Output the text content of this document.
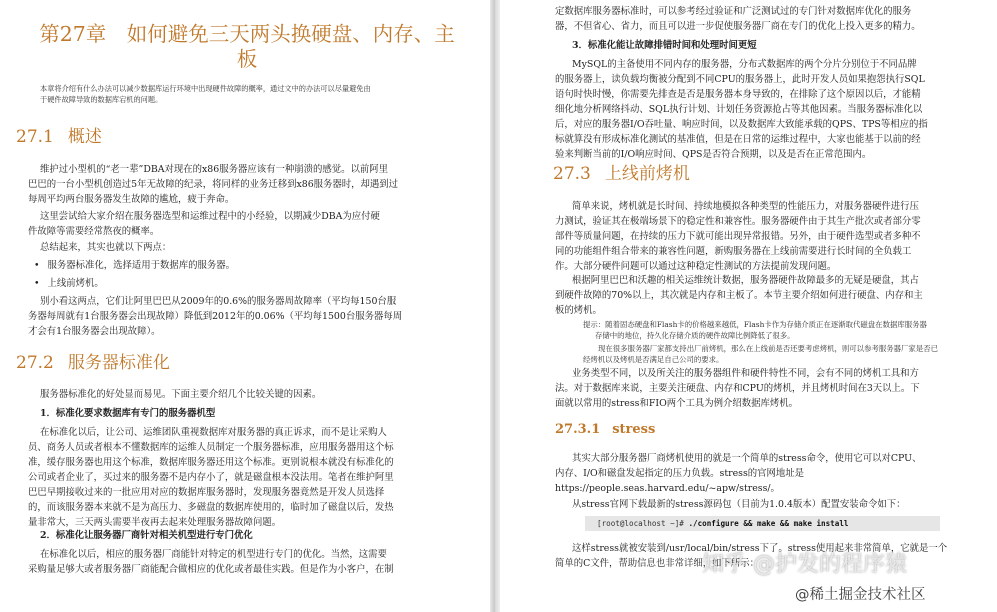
第27章　如何避免三天两头换硬盘、内存、主
板
本章将介绍有什么办法可以减少数据库运行环境中出现硬件故障的概率，通过文中的办法可以尽量避免由
于硬件故障导致的数据库宕机的问题。
27.1 概述
维护过小型机的“老一辈”DBA对现在的x86服务器应该有一种崩溃的感觉。以前阿里
巴巴的一台小型机创造过5年无故障的纪录，将同样的业务迁移到x86服务器时，却遇到过
每周平均两台服务器发生故障的尴尬，疲于奔命。
这里尝试给大家介绍在服务器选型和运维过程中的小经验，以期减少DBA为应付硬
件故障等需要经常熬夜的概率。
总结起来，其实也就以下两点：
• 服务器标准化，选择适用于数据库的服务器。
• 上线前烤机。
别小看这两点，它们让阿里巴巴从2009年的0.6%的服务器周故障率（平均每150台服
务器每周就有1台服务器会出现故障）降低到2012年的0.06%（平均每1500台服务器每周
才会有1台服务器会出现故障）。
27.2 服务器标准化
服务器标准化的好处显而易见。下面主要介绍几个比较关键的因素。
1．标准化要求数据库有专门的服务器机型
在标准化以后，让公司、运维团队重视数据库对服务器的真正诉求，而不是让采购人
员、商务人员或者根本不懂数据库的运维人员制定一个服务器标准，应用服务器用这个标
准，缓存服务器也用这个标准，数据库服务器还用这个标准。更别说根本就没有标准化的
公司或者企业了，买过来的服务器不是内存小了，就是磁盘根本没法用。笔者在维护阿里
巴巴早期接收过来的一批应用对应的数据库服务器时，发现服务器竟然是开发人员选择
的，而该服务器本来就不是为高压力、多磁盘的数据库使用的，临时加了磁盘以后，发热
量非常大，三天两头需要半夜再去起来处理服务器故障问题。
2．标准化让服务器厂商针对相关机型进行专门优化
在标准化以后，相应的服务器厂商能针对特定的机型进行专门的优化。当然，这需要
采购量足够大或者服务器厂商能配合做相应的优化或者最佳实践。但是作为小客户，在制
定数据库服务器标准时，可以参考经过验证和广泛测试过的专门针对数据库优化的服务
器，不但省心、省力，而且可以进一步促使服务器厂商在专门的优化上投入更多的精力。
3．标准化能让故障排错时间和处理时间更短
MySQL的主备使用不同内存的服务器，分布式数据库的两个分片分别位于不同品牌
的服务器上，读负载均衡被分配到不同CPU的服务器上，此时开发人员如果抱怨执行SQL
语句时快时慢，你需要先排查是否是服务器本身导致的，在排除了这个原因以后，才能精
细化地分析网络抖动、SQL执行计划、计划任务资源抢占等其他因素。当服务器标准化以
后，对应的服务器I/O吞吐量、响应时间，以及数据库大致能承载的QPS、TPS等相应的指
标就算没有形成标准化测试的基准值，但是在日常的运维过程中，大家也能基于以前的经
验来判断当前的I/O响应时间、QPS是否符合预期，以及是否在正常范围内。
27.3 上线前烤机
简单来说，烤机就是长时间、持续地模拟各种类型的性能压力，对服务器硬件进行压
力测试，验证其在极端场景下的稳定性和兼容性。服务器硬件由于其生产批次或者部分零
部件等质量问题，在持续的压力下就可能出现异常报错。另外，由于硬件选型或者多种不
同的功能组件组合带来的兼容性问题，新购服务器在上线前需要进行长时间的全负载工
作。大部分硬件问题可以通过这种稳定性测试的方法提前发现问题。
根据阿里巴巴和沃趣的相关运维统计数据，服务器硬件故障最多的无疑是硬盘，其占
到硬件故障的70%以上，其次就是内存和主板了。本节主要介绍如何进行硬盘、内存和主
板的烤机。
提示：随着固态硬盘和Flash卡的价格越来越低，Flash卡作为存储介质正在逐渐取代磁盘在数据库服务器
存储中的地位，持久化存储介质的硬件故障比例降低了很多。
现在很多服务器厂家都支持出厂前烤机，那么在上线前是否还要考虑烤机，则可以参考服务器厂家是否已
经烤机以及烤机是否满足自己公司的要求。
业务类型不同，以及所关注的服务器组件和硬件特性不同，会有不同的烤机工具和方
法。对于数据库来说，主要关注硬盘、内存和CPU的烤机，并且烤机时间在3天以上。下
面就以常用的stress和FIO两个工具为例介绍数据库烤机。
27.3.1 stress
其实大部分服务器厂商烤机使用的就是一个简单的stress命令，使用它可以对CPU、
内存、I/O和磁盘发起指定的压力负载。stress的官网地址是
https://people.seas.harvard.edu/~apw/stress/。
从stress官网下载最新的stress源码包（目前为1.0.4版本）配置安装命令如下：
[root@localhost ~]# ./configure && make && make install
这样stress就被安装到/usr/local/bin/stress下了。stress使用起来非常简单，它就是一个
简单的C文件，帮助信息也非常详细，如下所示：
知乎 @护发的程序猿
@稀土掘金技术社区
